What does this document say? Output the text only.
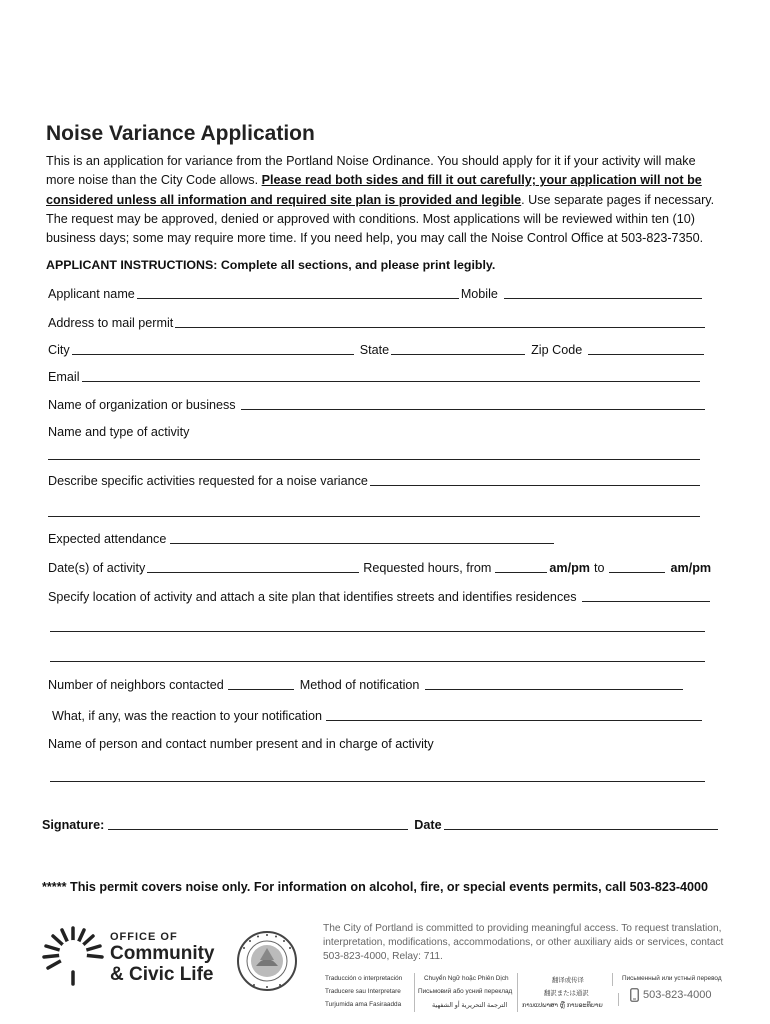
Noise Variance Application
This is an application for variance from the Portland Noise Ordinance. You should apply for it if your activity will make more noise than the City Code allows. Please read both sides and fill it out carefully; your application will not be considered unless all information and required site plan is provided and legible. Use separate pages if necessary. The request may be approved, denied or approved with conditions. Most applications will be reviewed within ten (10) business days; some may require more time. If you need help, you may call the Noise Control Office at 503-823-7350.
APPLICANT INSTRUCTIONS: Complete all sections, and please print legibly.
Applicant name	Mobile
Address to mail permit
City	State	Zip Code
Email
Name of organization or business
Name and type of activity
Describe specific activities requested for a noise variance
Expected attendance
Date(s) of activity	Requested hours, from	am/pm to	am/pm
Specify location of activity and attach a site plan that identifies streets and identifies residences
Number of neighbors contacted	Method of notification
What, if any, was the reaction to your notification
Name of person and contact number present and in charge of activity
Signature:	Date
***** This permit covers noise only. For information on alcohol, fire, or special events permits, call 503-823-4000
OFFICE OF
Community
& Civic Life
The City of Portland is committed to providing meaningful access. To request translation, interpretation, modifications, accommodations, or other auxiliary aids or services, contact 503-823-4000, Relay: 711.
Traducción o interpretación	Chuyển Ngữ hoặc Phiên Dịch	翻译或传译	Письменный или устный перевод
Traducere sau Interpretare	Письмовий або усний переклад	翻訳または通訳
Turjumida ama Fasiraadda	الترجمة التحريرية أو الشفهية ການແປພາສາ ຫຼື ການອະທິບາຍ
503-823-4000
